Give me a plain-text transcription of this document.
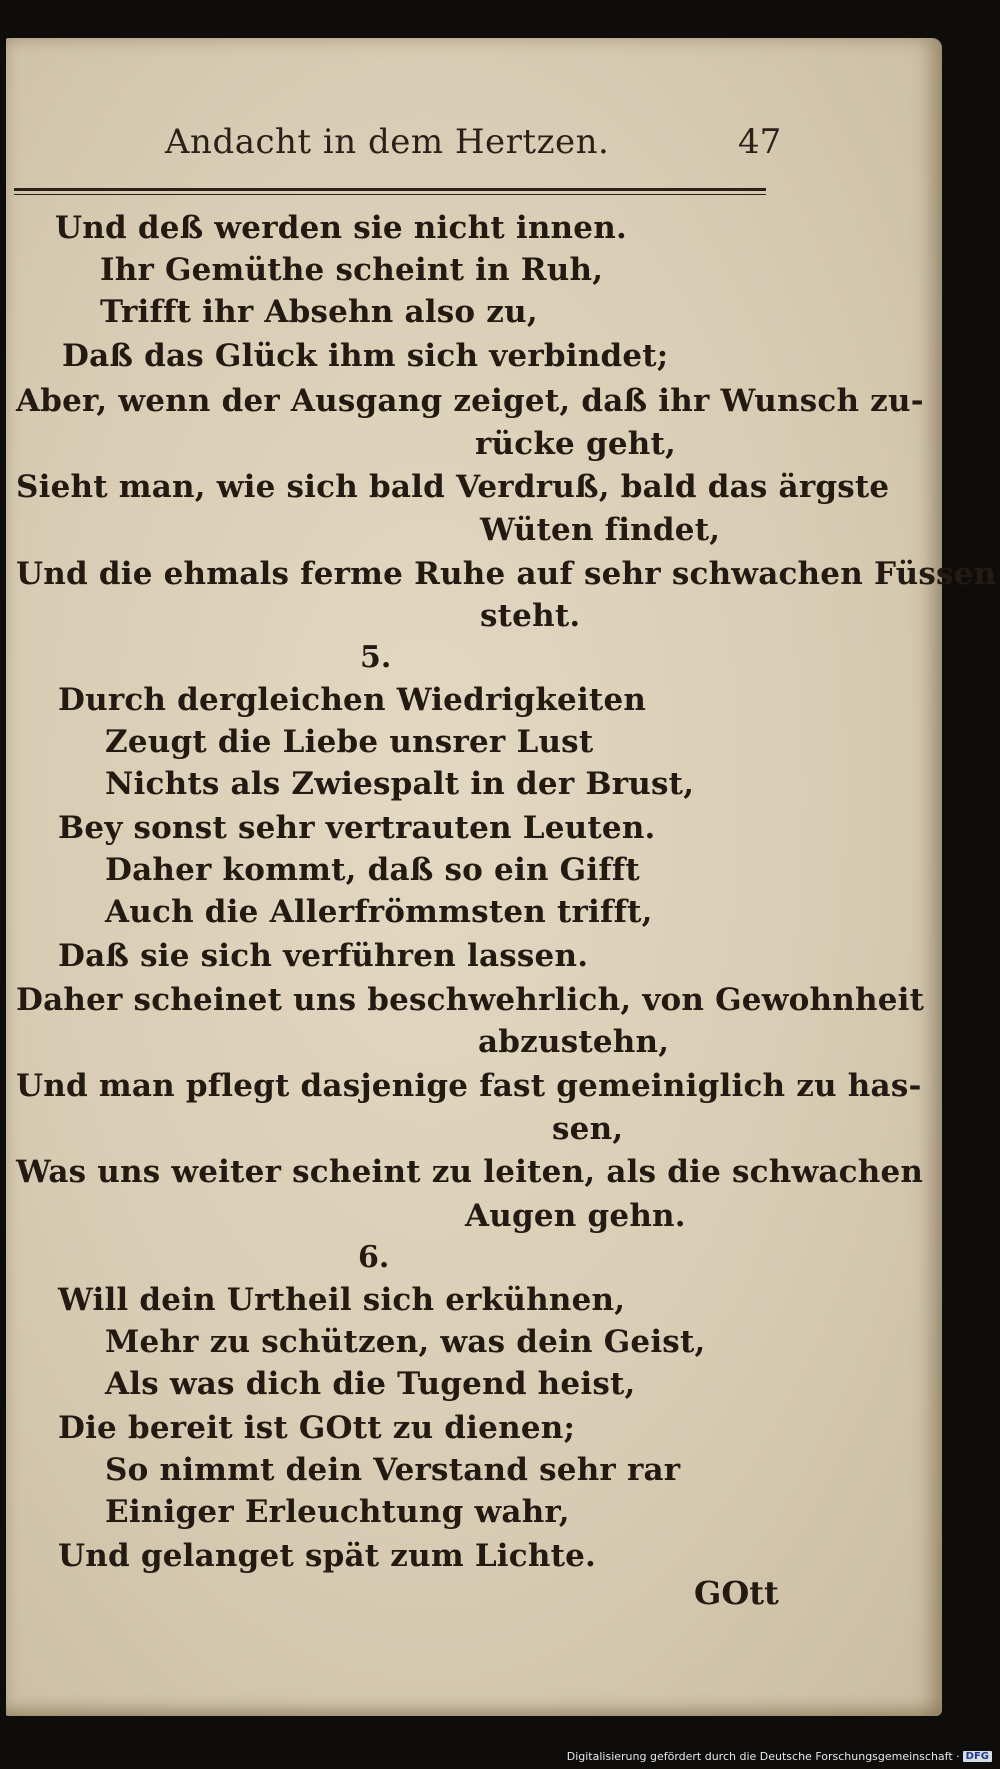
Andacht in dem Hertzen.	47
Und deß werden sie nicht innen.
Ihr Gemüthe scheint in Ruh,
Trifft ihr Absehn also zu,
Daß das Glück ihm sich verbindet;
Aber, wenn der Ausgang zeiget, daß ihr Wunsch zu-
rücke geht,
Sieht man, wie sich bald Verdruß, bald das ärgste
Wüten findet,
Und die ehmals ferme Ruhe auf sehr schwachen Füssen
steht.
5.
Durch dergleichen Wiedrigkeiten
Zeugt die Liebe unsrer Lust
Nichts als Zwiespalt in der Brust,
Bey sonst sehr vertrauten Leuten.
Daher kommt, daß so ein Gifft
Auch die Allerfrömmsten trifft,
Daß sie sich verführen lassen.
Daher scheinet uns beschwehrlich, von Gewohnheit
abzustehn,
Und man pflegt dasjenige fast gemeiniglich zu has-
sen,
Was uns weiter scheint zu leiten, als die schwachen
Augen gehn.
6.
Will dein Urtheil sich erkühnen,
Mehr zu schützen, was dein Geist,
Als was dich die Tugend heist,
Die bereit ist GOtt zu dienen;
So nimmt dein Verstand sehr rar
Einiger Erleuchtung wahr,
Und gelanget spät zum Lichte.
GOtt
Digitalisierung gefördert durch die Deutsche Forschungsgemeinschaft · DFG
